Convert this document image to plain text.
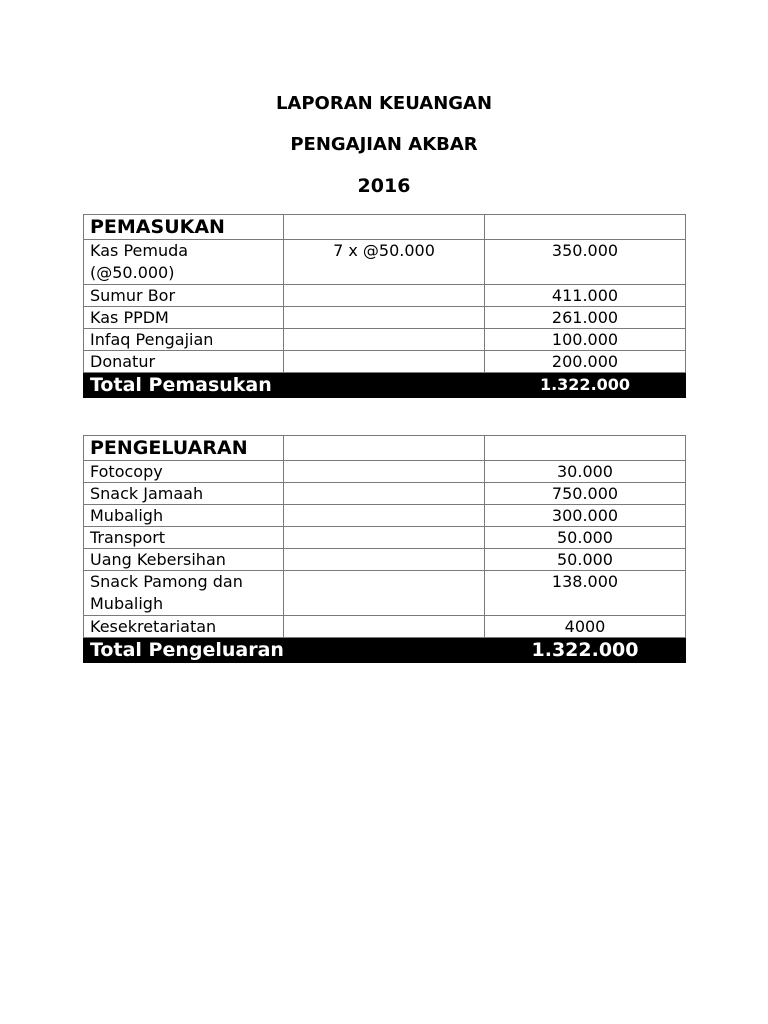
LAPORAN KEUANGAN
PENGAJIAN AKBAR
2016
PEMASUKAN		
Kas Pemuda (@50.000)	7 x @50.000	350.000
Sumur Bor		411.000
Kas PPDM		261.000
Infaq Pengajian		100.000
Donatur		200.000
Total Pemasukan		1.322.000
PENGELUARAN		
Fotocopy		30.000
Snack Jamaah		750.000
Mubaligh		300.000
Transport		50.000
Uang Kebersihan		50.000
Snack Pamong dan Mubaligh		138.000
Kesekretariatan		4000
Total Pengeluaran		1.322.000
